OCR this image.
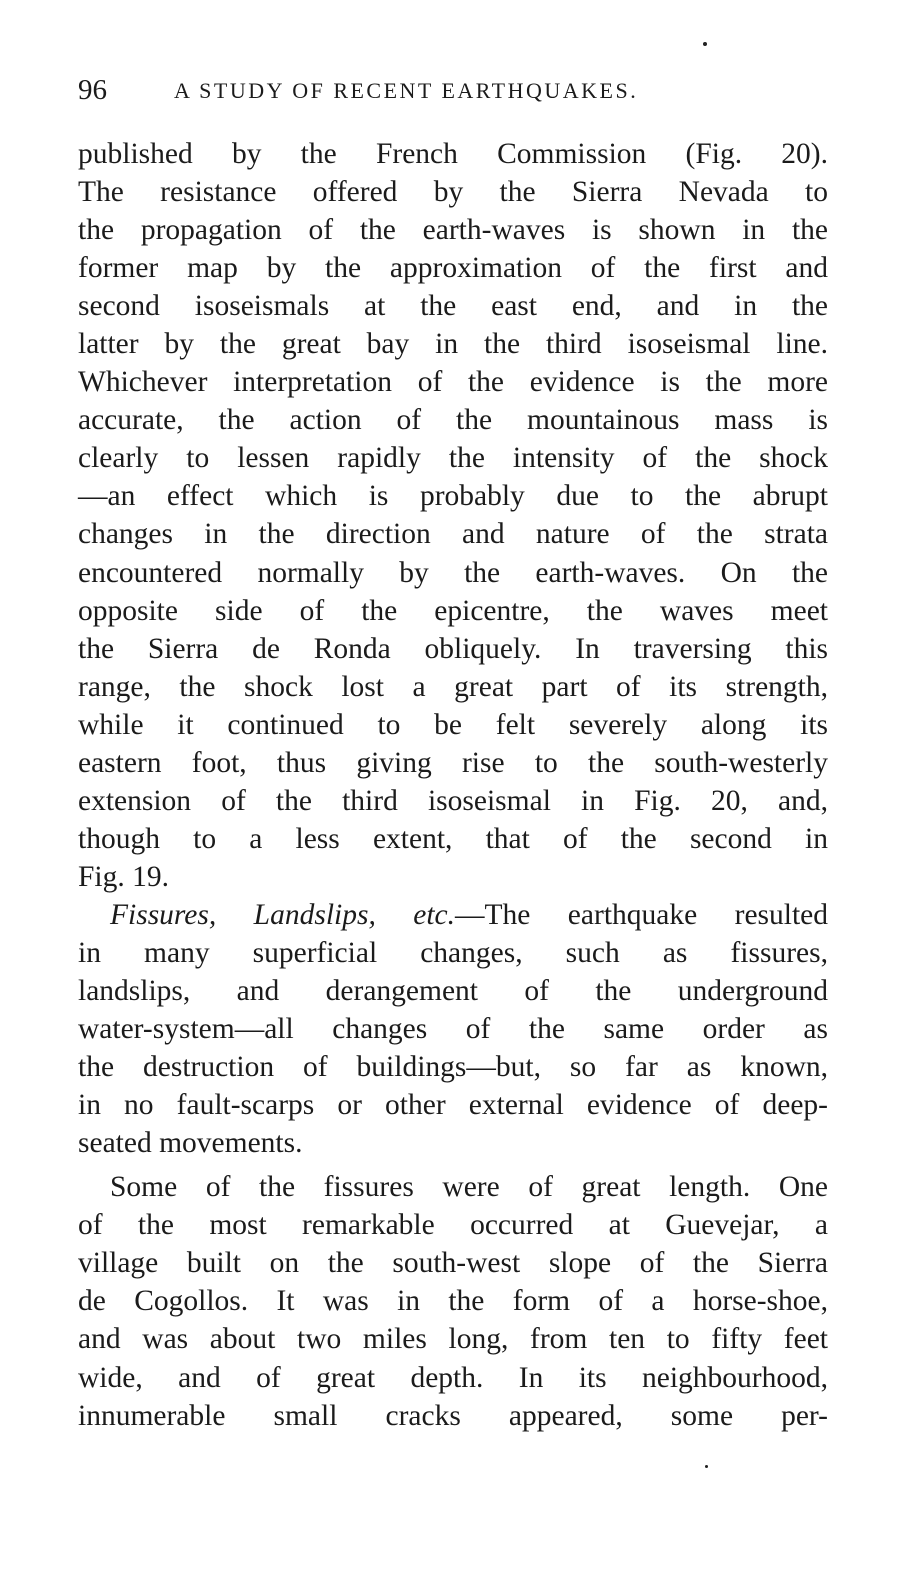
96	A STUDY OF RECENT EARTHQUAKES.
published by the French Commission (Fig. 20).
The resistance offered by the Sierra Nevada to
the propagation of the earth-waves is shown in the
former map by the approximation of the first and
second isoseismals at the east end, and in the
latter by the great bay in the third isoseismal line.
Whichever interpretation of the evidence is the more
accurate, the action of the mountainous mass is
clearly to lessen rapidly the intensity of the shock
—an effect which is probably due to the abrupt
changes in the direction and nature of the strata
encountered normally by the earth-waves. On the
opposite side of the epicentre, the waves meet
the Sierra de Ronda obliquely. In traversing this
range, the shock lost a great part of its strength,
while it continued to be felt severely along its
eastern foot, thus giving rise to the south-westerly
extension of the third isoseismal in Fig. 20, and,
though to a less extent, that of the second in
Fig. 19.
Fissures, Landslips, etc.—The earthquake resulted
in many superficial changes, such as fissures,
landslips, and derangement of the underground
water-system—all changes of the same order as
the destruction of buildings—but, so far as known,
in no fault-scarps or other external evidence of deep-
seated movements.
Some of the fissures were of great length. One
of the most remarkable occurred at Guevejar, a
village built on the south-west slope of the Sierra
de Cogollos. It was in the form of a horse-shoe,
and was about two miles long, from ten to fifty feet
wide, and of great depth. In its neighbourhood,
innumerable small cracks appeared, some per-
